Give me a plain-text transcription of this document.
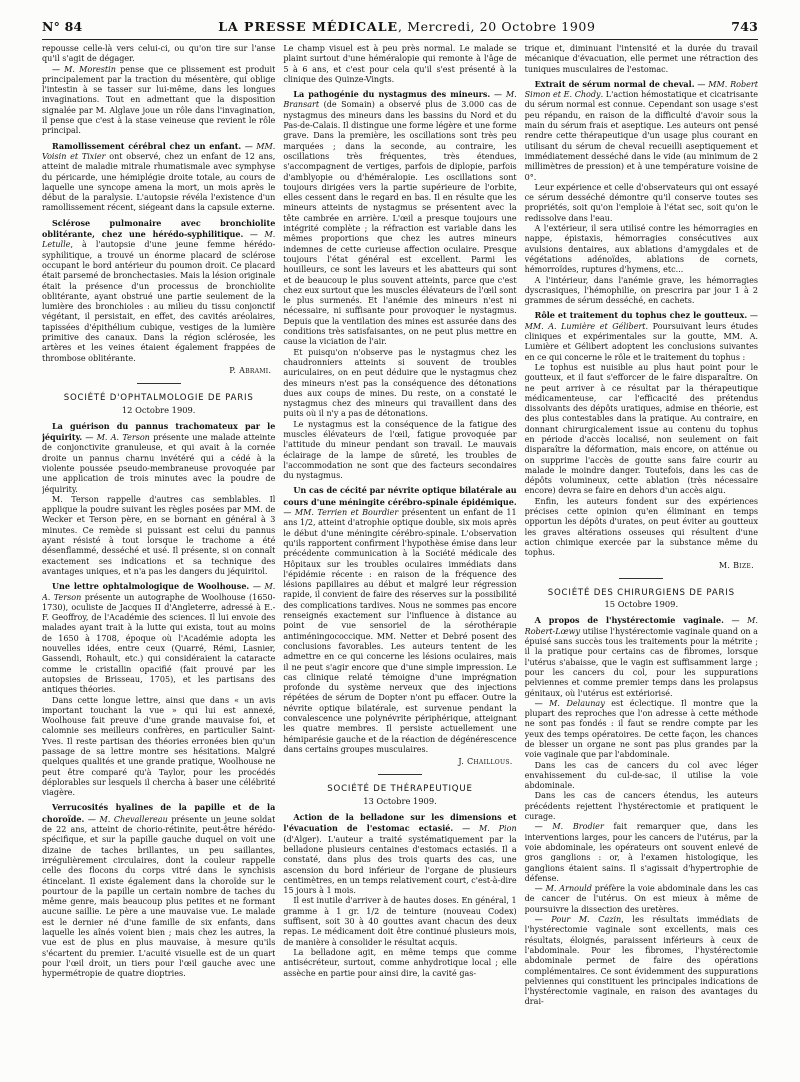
N° 84	LA PRESSE MÉDICALE, Mercredi, 20 Octobre 1909	743

repousse celle-là vers celui-ci, ou qu'on tire sur l'anse qu'il s'agit de dégager.

— M. Morestin pense que ce plissement est produit principalement par la traction du mésentère, qui oblige l'intestin à se tasser sur lui-même, dans les longues invaginations. Tout en admettant que la disposition signalée par M. Alglave joue un rôle dans l'invagination, il pense que c'est à la stase veineuse que revient le rôle principal.

Ramollissement cérébral chez un enfant. — MM. Voisin et Tixier ont observé, chez un enfant de 12 ans, atteint de maladie mitrale rhumatismale avec symphyse du péricarde, une hémiplégie droite totale, au cours de laquelle une syncope amena la mort, un mois après le début de la paralysie. L'autopsie révéla l'existence d'un ramollissement récent, siégeant dans la capsule externe.

Sclérose pulmonaire avec bronchiolite oblitérante, chez une hérédo-syphilitique. — M. Letulle, à l'autopsie d'une jeune femme hérédo-syphilitique, a trouvé un énorme placard de sclérose occupant le bord antérieur du poumon droit. Ce placard était parsemé de bronchectasies. Mais la lésion originale était la présence d'un processus de bronchiolite oblitérante, ayant obstrué une partie seulement de la lumière des bronchioles : au milieu du tissu conjonctif végétant, il persistait, en effet, des cavités aréolaires, tapissées d'épithélium cubique, vestiges de la lumière primitive des canaux. Dans la région sclérosée, les artères et les veines étaient également frappées de thrombose oblitérante.

P. Abrami.
SOCIÉTÉ D'OPHTALMOLOGIE DE PARIS
12 Octobre 1909.

La guérison du pannus trachomateux par le jéquirity. — M. A. Terson présente une malade atteinte de conjonctivite granuleuse, et qui avait à la cornée droite un pannus charnu invétéré qui a cédé à la violente poussée pseudo-membraneuse provoquée par une application de trois minutes avec la poudre de jéquirity.

M. Terson rappelle d'autres cas semblables. Il applique la poudre suivant les règles posées par MM. de Wecker et Terson père, en se bornant en général à 3 minutes. Ce remède si puissant est celui du pannus ayant résisté à tout lorsque le trachome a été désenflammé, desséché et usé. Il présente, si on connaît exactement ses indications et sa technique des avantages uniques, et n'a pas les dangers du jéquiritol.

Une lettre ophtalmologique de Woolhouse. — M. A. Terson présente un autographe de Woolhouse (1650-1730), oculiste de Jacques II d'Angleterre, adressé à E.-F. Geoffroy, de l'Académie des sciences. Il lui envoie des malades ayant trait à la lutte qui exista, tout au moins de 1650 à 1708, époque où l'Académie adopta les nouvelles idées, entre ceux (Quarré, Rémi, Lasnier, Gassendi, Rohault, etc.) qui considéraient la cataracte comme le cristallin opacifié (fait prouvé par les autopsies de Brisseau, 1705), et les partisans des antiques théories.

Dans cette longue lettre, ainsi que dans « un avis important touchant la vue » qui lui est annexé, Woolhouse fait preuve d'une grande mauvaise foi, et calomnie ses meilleurs confrères, en particulier Saint-Yves. Il reste partisan des théories erronées bien qu'un passage de sa lettre montre ses hésitations. Malgré quelques qualités et une grande pratique, Woolhouse ne peut être comparé qu'à Taylor, pour les procédés déplorables sur lesquels il chercha à baser une célébrité viagère.

Verrucosités hyalines de la papille et de la choroïde. — M. Chevallereau présente un jeune soldat de 22 ans, atteint de chorio-rétinite, peut-être hérédo-spécifique, et sur la papille gauche duquel on voit une dizaine de taches brillantes, un peu saillantes, irrégulièrement circulaires, dont la couleur rappelle celle des flocons du corps vitré dans le synchisis étincelant. Il existe également dans la choroïde sur le pourtour de la papille un certain nombre de taches du même genre, mais beaucoup plus petites et ne formant aucune saillie. Le père a une mauvaise vue. Le malade est le dernier né d'une famille de six enfants, dans laquelle les aînés voient bien ; mais chez les autres, la vue est de plus en plus mauvaise, à mesure qu'ils s'écartent du premier. L'acuité visuelle est de un quart pour l'œil droit, un tiers pour l'œil gauche avec une hypermétropie de quatre dioptries.

Le champ visuel est à peu près normal. Le malade se plaint surtout d'une héméralopie qui remonte à l'âge de 5 à 6 ans, et c'est pour cela qu'il s'est présenté à la clinique des Quinze-Vingts.

La pathogénie du nystagmus des mineurs. — M. Bransart (de Somain) a observé plus de 3.000 cas de nystagmus des mineurs dans les bassins du Nord et du Pas-de-Calais. Il distingue une forme légère et une forme grave. Dans la première, les oscillations sont très peu marquées ; dans la seconde, au contraire, les oscillations très fréquentes, très étendues, s'accompagnent de vertiges, parfois de diplopie, parfois d'amblyopie ou d'héméralopie. Les oscillations sont toujours dirigées vers la partie supérieure de l'orbite, elles cessent dans le regard en bas. Il en résulte que les mineurs atteints de nystagmus se présentent avec la tête cambrée en arrière. L'œil a presque toujours une intégrité complète ; la réfraction est variable dans les mêmes proportions que chez les autres mineurs indemnes de cette curieuse affection oculaire. Presque toujours l'état général est excellent. Parmi les houilleurs, ce sont les laveurs et les abatteurs qui sont et de beaucoup le plus souvent atteints, parce que c'est chez eux surtout que les muscles élévateurs de l'œil sont le plus surmenés. Et l'anémie des mineurs n'est ni nécessaire, ni suffisante pour provoquer le nystagmus. Depuis que la ventilation des mines est assurée dans des conditions très satisfaisantes, on ne peut plus mettre en cause la viciation de l'air.

Et puisqu'on n'observe pas le nystagmus chez les chaudronniers atteints si souvent de troubles auriculaires, on en peut déduire que le nystagmus chez des mineurs n'est pas la conséquence des détonations dues aux coups de mines. Du reste, on a constaté le nystagmus chez des mineurs qui travaillent dans des puits où il n'y a pas de détonations.

Le nystagmus est la conséquence de la fatigue des muscles élévateurs de l'œil, fatigue provoquée par l'attitude du mineur pendant son travail. Le mauvais éclairage de la lampe de sûreté, les troubles de l'accommodation ne sont que des facteurs secondaires du nystagmus.

Un cas de cécité par névrite optique bilatérale au cours d'une méningite cérébro-spinale épidémique. — MM. Terrien et Bourdier présentent un enfant de 11 ans 1/2, atteint d'atrophie optique double, six mois après le début d'une méningite cérébro-spinale. L'observation qu'ils rapportent confirment l'hypothèse émise dans leur précédente communication à la Société médicale des Hôpitaux sur les troubles oculaires immédiats dans l'épidémie récente : en raison de la fréquence des lésions papillaires au début et malgré leur régression rapide, il convient de faire des réserves sur la possibilité des complications tardives. Nous ne sommes pas encore renseignés exactement sur l'influence à distance au point de vue sensoriel de la sérothérapie antiméningococcique. MM. Netter et Debré posent des conclusions favorables. Les auteurs tentent de les admettre en ce qui concerne les lésions oculaires, mais il ne peut s'agir encore que d'une simple impression. Le cas clinique relaté témoigne d'une imprégnation profonde du système nerveux que des injections répétées de sérum de Dopter n'ont pu effacer. Outre la névrite optique bilatérale, est survenue pendant la convalescence une polynévrite périphérique, atteignant les quatre membres. Il persiste actuellement une hémiparésie gauche et de la réaction de dégénérescence dans certains groupes musculaires.

J. Chaillous.
SOCIÉTÉ DE THÉRAPEUTIQUE
13 Octobre 1909.

Action de la belladone sur les dimensions et l'évacuation de l'estomac ectasié. — M. Pion (d'Alger). L'auteur a traité systématiquement par la belladone plusieurs centaines d'estomacs ectasiés. Il a constaté, dans plus des trois quarts des cas, une ascension du bord inférieur de l'organe de plusieurs centimètres, en un temps relativement court, c'est-à-dire 15 jours à 1 mois.

Il est inutile d'arriver à de hautes doses. En général, 1 gramme à 1 gr. 1/2 de teinture (nouveau Codex) suffisent, soit 30 à 40 gouttes avant chacun des deux repas. Le médicament doit être continué plusieurs mois, de manière à consolider le résultat acquis.

La belladone agit, en même temps que comme antisécréteur, surtout, comme anhydrotique local ; elle assèche en partie pour ainsi dire, la cavité gas-

trique et, diminuant l'intensité et la durée du travail mécanique d'évacuation, elle permet une rétraction des tuniques musculaires de l'estomac.

Extrait de sérum normal de cheval. — MM. Robert Simon et E. Chody. L'action hémostatique et cicatrisante du sérum normal est connue. Cependant son usage s'est peu répandu, en raison de la difficulté d'avoir sous la main du sérum frais et aseptique. Les auteurs ont pensé rendre cette thérapeutique d'un usage plus courant en utilisant du sérum de cheval recueilli aseptiquement et immédiatement desséché dans le vide (au minimum de 2 millimètres de pression) et à une température voisine de 0°.

Leur expérience et celle d'observateurs qui ont essayé ce sérum desséché démontre qu'il conserve toutes ses propriétés, soit qu'on l'emploie à l'état sec, soit qu'on le redissolve dans l'eau.

A l'extérieur, il sera utilisé contre les hémorragies en nappe, épistaxis, hémorragies consécutives aux avulsions dentaires, aux ablations d'amygdales et de végétations adénoïdes, ablations de cornets, hémorroïdes, ruptures d'hymens, etc...

A l'intérieur, dans l'anémie grave, les hémorragies dyscrasiques, l'hémophilie, on prescrira par jour 1 à 2 grammes de sérum desséché, en cachets.

Rôle et traitement du tophus chez le goutteux. — MM. A. Lumière et Gélibert. Poursuivant leurs études cliniques et expérimentales sur la goutte, MM. A. Lumière et Gélibert adoptent les conclusions suivantes en ce qui concerne le rôle et le traitement du tophus :

Le tophus est nuisible au plus haut point pour le goutteux, et il faut s'efforcer de le faire disparaître. On ne peut arriver à ce résultat par la thérapeutique médicamenteuse, car l'efficacité des prétendus dissolvants des dépôts uratiques, admise en théorie, est des plus contestables dans la pratique. Au contraire, en donnant chirurgicalement issue au contenu du tophus en période d'accès localisé, non seulement on fait disparaître la déformation, mais encore, on atténue ou on supprime l'accès de goutte sans faire courir au malade le moindre danger. Toutefois, dans les cas de dépôts volumineux, cette ablation (très nécessaire encore) devra se faire en dehors d'un accès aigu.

Enfin, les auteurs fondent sur des expériences précises cette opinion qu'en éliminant en temps opportun les dépôts d'urates, on peut éviter au goutteux les graves altérations osseuses qui résultent d'une action chimique exercée par la substance même du tophus.

M. Bize.
SOCIÉTÉ DES CHIRURGIENS DE PARIS
15 Octobre 1909.

A propos de l'hystérectomie vaginale. — M. Robert-Lœwy utilise l'hystérectomie vaginale quand on a épuisé sans succès tous les traitements pour la métrite ; il la pratique pour certains cas de fibromes, lorsque l'utérus s'abaisse, que le vagin est suffisamment large ; pour les cancers du col, pour les suppurations pelviennes et comme premier temps dans les prolapsus génitaux, où l'utérus est extériorisé.

— M. Delaunay est éclectique. Il montre que la plupart des reproches que l'on adresse à cette méthode ne sont pas fondés : il faut se rendre compte par les yeux des temps opératoires. De cette façon, les chances de blesser un organe ne sont pas plus grandes par la voie vaginale que par l'abdominale.

Dans les cas de cancers du col avec léger envahissement du cul-de-sac, il utilise la voie abdominale.

Dans les cas de cancers étendus, les auteurs précédents rejettent l'hystérectomie et pratiquent le curage.

— M. Brodier fait remarquer que, dans les interventions larges, pour les cancers de l'utérus, par la voie abdominale, les opérateurs ont souvent enlevé de gros ganglions : or, à l'examen histologique, les ganglions étaient sains. Il s'agissait d'hypertrophie de défense.

— M. Arnould préfère la voie abdominale dans les cas de cancer de l'utérus. On est mieux à même de poursuivre la dissection des uretères.

— Pour M. Cazin, les résultats immédiats de l'hystérectomie vaginale sont excellents, mais ces résultats, éloignés, paraissent inférieurs à ceux de l'abdominale. Pour les fibromes, l'hystérectomie abdominale permet de faire des opérations complémentaires. Ce sont évidemment des suppurations pelviennes qui constituent les principales indications de l'hystérectomie vaginale, en raison des avantages du drai-
